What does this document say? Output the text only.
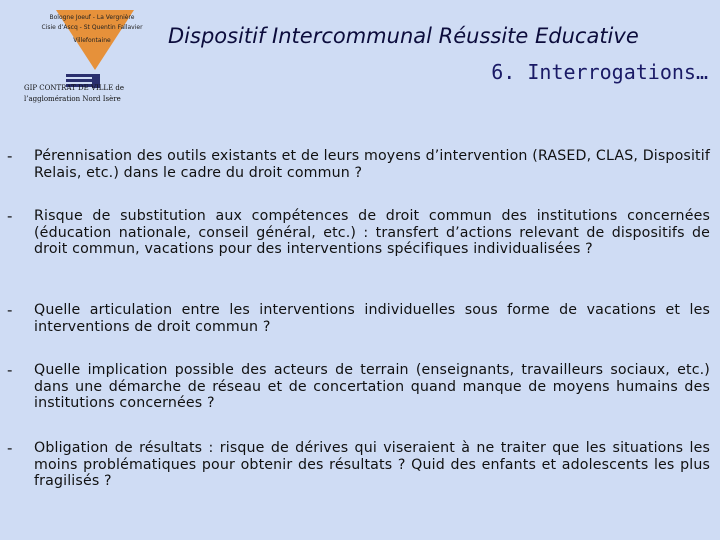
Bologne Joeuf - La Vergnière
Cisie d’Ascq - St Quentin Fallavier
Villefontaine
GIP CONTRAT DE VILLE de
l’agglomération Nord Isère
Dispositif Intercommunal Réussite Educative
6. Interrogations…
- Pérennisation des outils existants et de leurs moyens d’intervention (RASED, CLAS, Dispositif Relais, etc.) dans le cadre du droit commun ?
- Risque de substitution aux compétences de droit commun des institutions concernées (éducation nationale, conseil général, etc.) : transfert d’actions relevant de dispositifs de droit commun, vacations pour des interventions spécifiques individualisées ?
- Quelle articulation entre les interventions individuelles sous forme de vacations et les interventions de droit commun ?
- Quelle implication possible des acteurs de terrain (enseignants, travailleurs sociaux, etc.) dans une démarche de réseau et de concertation quand manque de moyens humains des institutions concernées ?
- Obligation de résultats : risque de dérives qui viseraient à ne traiter que les situations les moins problématiques pour obtenir des résultats ? Quid des enfants et adolescents les plus fragilisés ?
